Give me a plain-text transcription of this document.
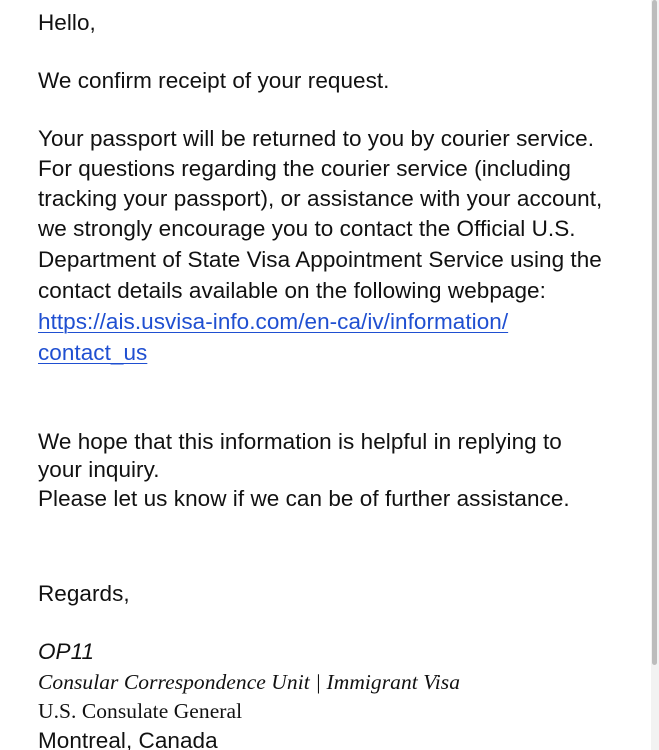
Hello,
We confirm receipt of your request.
Your passport will be returned to you by courier service.
For questions regarding the courier service (including
tracking your passport), or assistance with your account,
we strongly encourage you to contact the Official U.S.
Department of State Visa Appointment Service using the
contact details available on the following webpage:
https://ais.usvisa-info.com/en-ca/iv/information/
contact_us
We hope that this information is helpful in replying to
your inquiry.
Please let us know if we can be of further assistance.
Regards,
OP11
Consular Correspondence Unit | Immigrant Visa
U.S. Consulate General
Montreal, Canada
